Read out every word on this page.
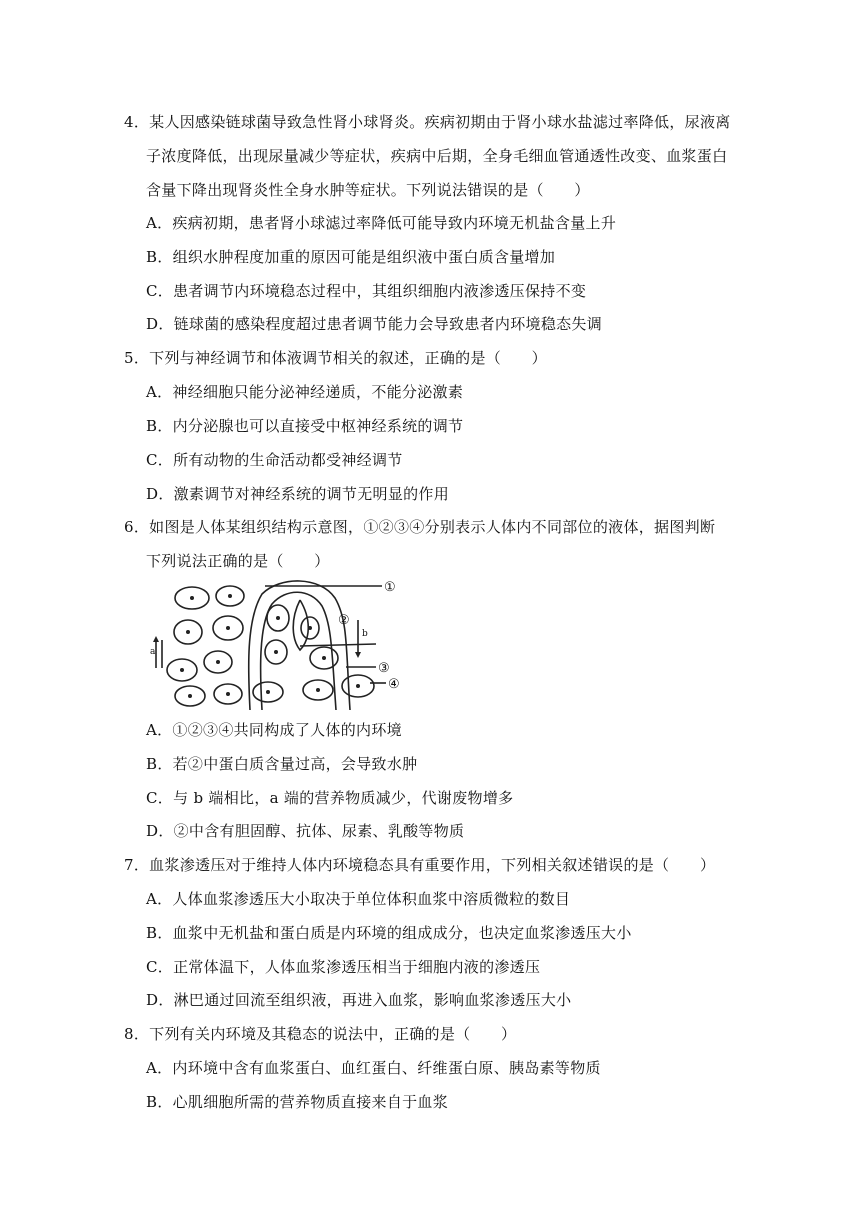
4．某人因感染链球菌导致急性肾小球肾炎。疾病初期由于肾小球水盐滤过率降低，尿液离
子浓度降低，出现尿量减少等症状，疾病中后期，全身毛细血管通透性改变、血浆蛋白
含量下降出现肾炎性全身水肿等症状。下列说法错误的是（　　）
A．疾病初期，患者肾小球滤过率降低可能导致内环境无机盐含量上升
B．组织水肿程度加重的原因可能是组织液中蛋白质含量增加
C．患者调节内环境稳态过程中，其组织细胞内液渗透压保持不变
D．链球菌的感染程度超过患者调节能力会导致患者内环境稳态失调
5．下列与神经调节和体液调节相关的叙述，正确的是（　　）
A．神经细胞只能分泌神经递质，不能分泌激素
B．内分泌腺也可以直接受中枢神经系统的调节
C．所有动物的生命活动都受神经调节
D．激素调节对神经系统的调节无明显的作用
6．如图是人体某组织结构示意图，①②③④分别表示人体内不同部位的液体，据图判断
下列说法正确的是（　　）
①
②
③
④
a
b
A．①②③④共同构成了人体的内环境
B．若②中蛋白质含量过高，会导致水肿
C．与 b 端相比，a 端的营养物质减少，代谢废物增多
D．②中含有胆固醇、抗体、尿素、乳酸等物质
7．血浆渗透压对于维持人体内环境稳态具有重要作用，下列相关叙述错误的是（　　）
A．人体血浆渗透压大小取决于单位体积血浆中溶质微粒的数目
B．血浆中无机盐和蛋白质是内环境的组成成分，也决定血浆渗透压大小
C．正常体温下，人体血浆渗透压相当于细胞内液的渗透压
D．淋巴通过回流至组织液，再进入血浆，影响血浆渗透压大小
8．下列有关内环境及其稳态的说法中，正确的是（　　）
A．内环境中含有血浆蛋白、血红蛋白、纤维蛋白原、胰岛素等物质
B．心肌细胞所需的营养物质直接来自于血浆
